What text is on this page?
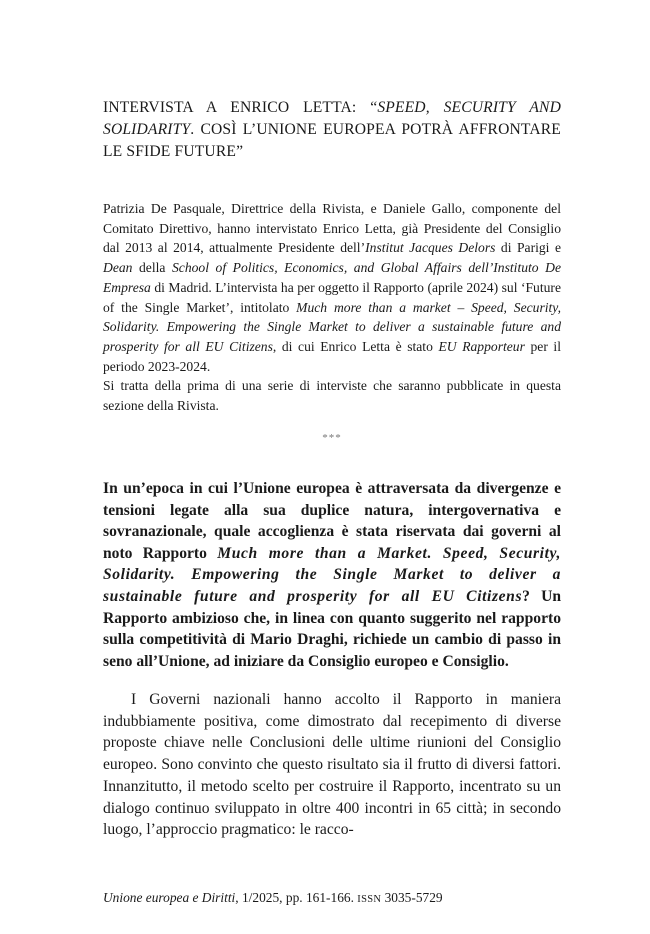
INTERVISTA A ENRICO LETTA: “SPEED, SECURITY AND SOLIDARITY. COSÌ L’UNIONE EUROPEA POTRÀ AFFRONTARE LE SFIDE FUTURE”

Patrizia De Pasquale, Direttrice della Rivista, e Daniele Gallo, componente del Comitato Direttivo, hanno intervistato Enrico Letta, già Presidente del Consiglio dal 2013 al 2014, attualmente Presidente dell’Institut Jacques Delors di Parigi e Dean della School of Politics, Economics, and Global Affairs dell’Instituto De Empresa di Madrid. L’intervista ha per oggetto il Rapporto (aprile 2024) sul ‘Future of the Single Market’, intitolato Much more than a market – Speed, Security, Solidarity. Empowering the Single Market to deliver a sustainable future and prosperity for all EU Citizens, di cui Enrico Letta è stato EU Rapporteur per il periodo 2023-2024.

Si tratta della prima di una serie di interviste che saranno pubblicate in questa sezione della Rivista.

***
In un’epoca in cui l’Unione europea è attraversata da divergenze e tensioni legate alla sua duplice natura, intergovernativa e sovranazionale, quale accoglienza è stata riservata dai governi al noto Rapporto Much more than a Market. Speed, Security, Solidarity. Empowering the Single Market to deliver a sustainable future and prosperity for all EU Citizens? Un Rapporto ambizioso che, in linea con quanto suggerito nel rapporto sulla competitività di Mario Draghi, richiede un cambio di passo in seno all’Unione, ad iniziare da Consiglio europeo e Consiglio.

I Governi nazionali hanno accolto il Rapporto in maniera indubbiamente positiva, come dimostrato dal recepimento di diverse proposte chiave nelle Conclusioni delle ultime riunioni del Consiglio europeo. Sono convinto che questo risultato sia il frutto di diversi fattori. Innanzitutto, il metodo scelto per costruire il Rapporto, incentrato su un dialogo continuo sviluppato in oltre 400 incontri in 65 città; in secondo luogo, l’approccio pragmatico: le racco-

Unione europea e Diritti, 1/2025, pp. 161-166. ISSN 3035-5729
